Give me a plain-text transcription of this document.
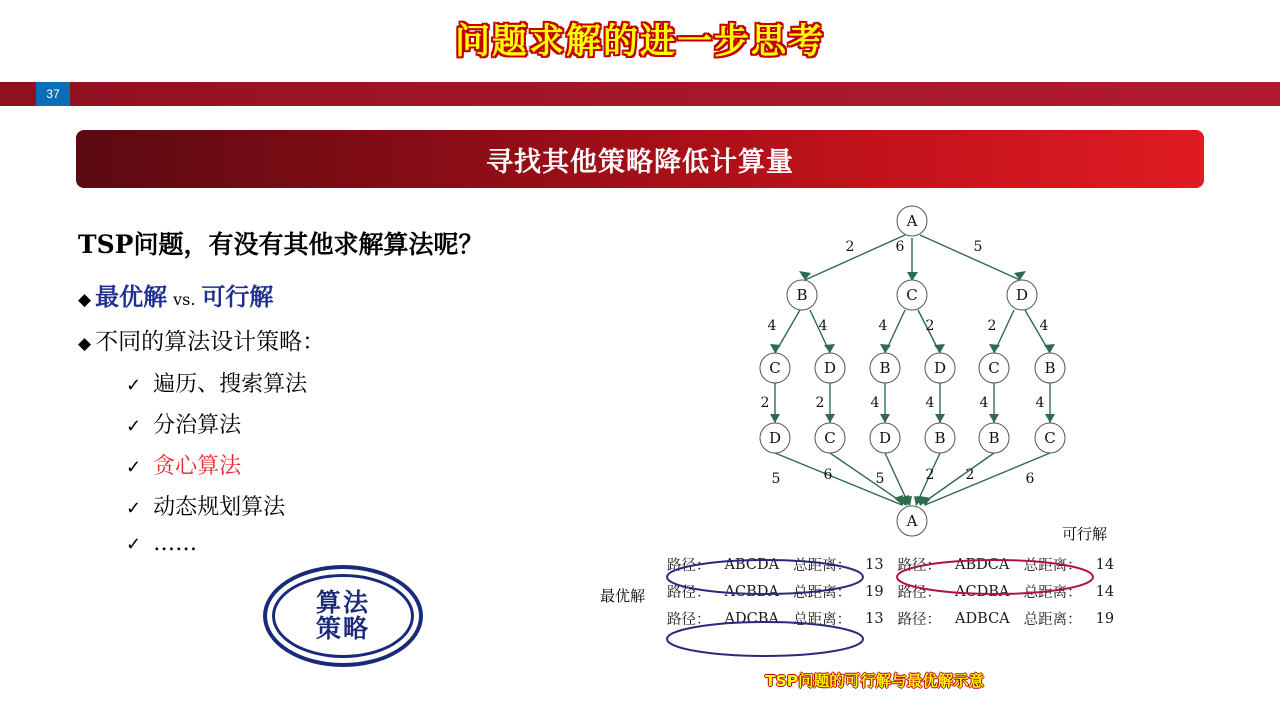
问题求解的进一步思考
37
寻找其他策略降低计算量
TSP问题，有没有其他求解算法呢？
◆ 最优解 vs. 可行解
◆ 不同的算法设计策略：
✓ 遍历、搜索算法
✓ 分治算法
✓ 贪心算法
✓ 动态规划算法
✓ ……
算法
策略
A
B	C	D
C	D	B	D	C	B
D	C	D	B	B	C
A
2	6	5
4	4	4	2	2	4
2	2	4	4	4	4
5	6	5	2 2	6
可行解
最优解
路径：	ABCDA	总距离：	13	路径：	ABDCA	总距离：	14
路径：	ACBDA	总距离：	19	路径：	ACDBA	总距离：	14
路径：	ADCBA	总距离：	13	路径：	ADBCA	总距离：	19
TSP问题的可行解与最优解示意
